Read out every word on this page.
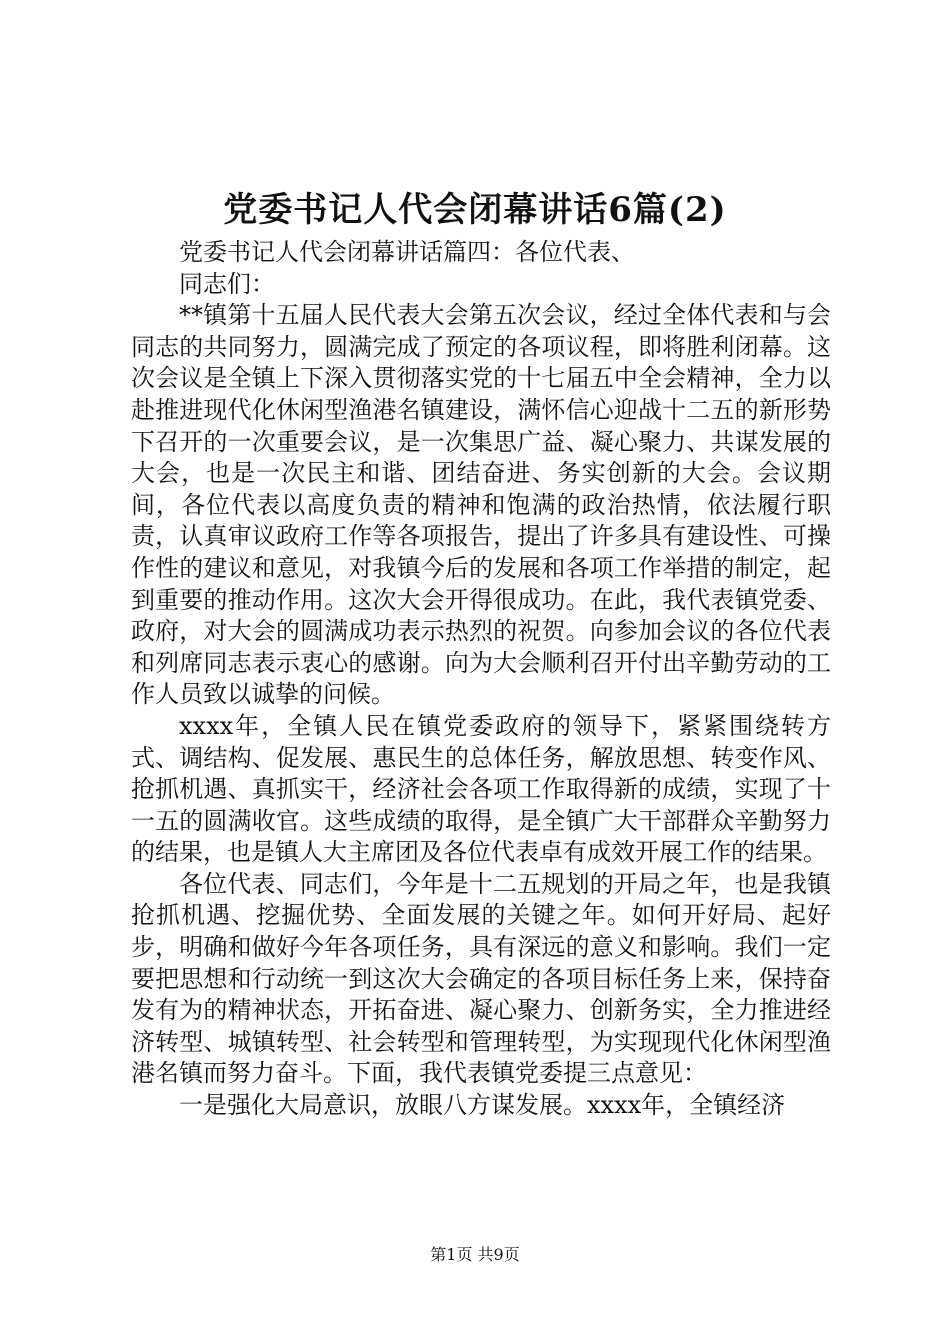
党委书记人代会闭幕讲话6篇(2)

党委书记人代会闭幕讲话篇四：各位代表、

同志们：

**镇第十五届人民代表大会第五次会议，经过全体代表和与会同志的共同努力，圆满完成了预定的各项议程，即将胜利闭幕。这次会议是全镇上下深入贯彻落实党的十七届五中全会精神，全力以赴推进现代化休闲型渔港名镇建设，满怀信心迎战十二五的新形势下召开的一次重要会议，是一次集思广益、凝心聚力、共谋发展的大会，也是一次民主和谐、团结奋进、务实创新的大会。会议期间，各位代表以高度负责的精神和饱满的政治热情，依法履行职责，认真审议政府工作等各项报告，提出了许多具有建设性、可操作性的建议和意见，对我镇今后的发展和各项工作举措的制定，起到重要的推动作用。这次大会开得很成功。在此，我代表镇党委、政府，对大会的圆满成功表示热烈的祝贺。向参加会议的各位代表和列席同志表示衷心的感谢。向为大会顺利召开付出辛勤劳动的工作人员致以诚挚的问候。

xxxx年，全镇人民在镇党委政府的领导下，紧紧围绕转方式、调结构、促发展、惠民生的总体任务，解放思想、转变作风、抢抓机遇、真抓实干，经济社会各项工作取得新的成绩，实现了十一五的圆满收官。这些成绩的取得，是全镇广大干部群众辛勤努力的结果，也是镇人大主席团及各位代表卓有成效开展工作的结果。

各位代表、同志们，今年是十二五规划的开局之年，也是我镇抢抓机遇、挖掘优势、全面发展的关键之年。如何开好局、起好步，明确和做好今年各项任务，具有深远的意义和影响。我们一定要把思想和行动统一到这次大会确定的各项目标任务上来，保持奋发有为的精神状态，开拓奋进、凝心聚力、创新务实，全力推进经济转型、城镇转型、社会转型和管理转型，为实现现代化休闲型渔港名镇而努力奋斗。下面，我代表镇党委提三点意见：

一是强化大局意识，放眼八方谋发展。xxxx年，全镇经济

第1页 共9页
